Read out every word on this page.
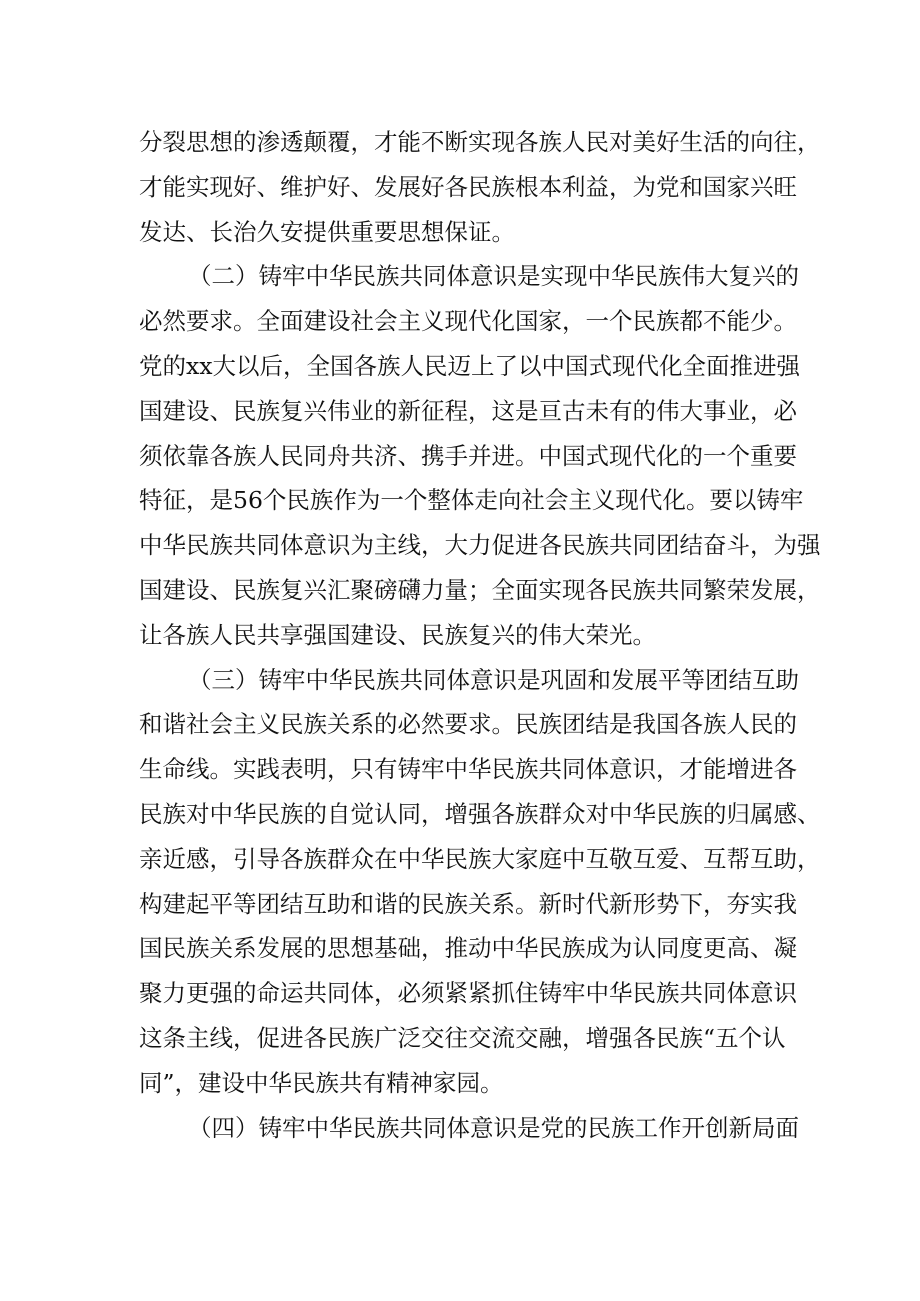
分裂思想的渗透颠覆，才能不断实现各族人民对美好生活的向往，
才能实现好、维护好、发展好各民族根本利益，为党和国家兴旺
发达、长治久安提供重要思想保证。
（二）铸牢中华民族共同体意识是实现中华民族伟大复兴的
必然要求。全面建设社会主义现代化国家，一个民族都不能少。
党的xx大以后，全国各族人民迈上了以中国式现代化全面推进强
国建设、民族复兴伟业的新征程，这是亘古未有的伟大事业，必
须依靠各族人民同舟共济、携手并进。中国式现代化的一个重要
特征，是56个民族作为一个整体走向社会主义现代化。要以铸牢
中华民族共同体意识为主线，大力促进各民族共同团结奋斗，为强
国建设、民族复兴汇聚磅礴力量；全面实现各民族共同繁荣发展，
让各族人民共享强国建设、民族复兴的伟大荣光。
（三）铸牢中华民族共同体意识是巩固和发展平等团结互助
和谐社会主义民族关系的必然要求。民族团结是我国各族人民的
生命线。实践表明，只有铸牢中华民族共同体意识，才能增进各
民族对中华民族的自觉认同，增强各族群众对中华民族的归属感、
亲近感，引导各族群众在中华民族大家庭中互敬互爱、互帮互助，
构建起平等团结互助和谐的民族关系。新时代新形势下，夯实我
国民族关系发展的思想基础，推动中华民族成为认同度更高、凝
聚力更强的命运共同体，必须紧紧抓住铸牢中华民族共同体意识
这条主线，促进各民族广泛交往交流交融，增强各民族“五个认
同”，建设中华民族共有精神家园。
（四）铸牢中华民族共同体意识是党的民族工作开创新局面
